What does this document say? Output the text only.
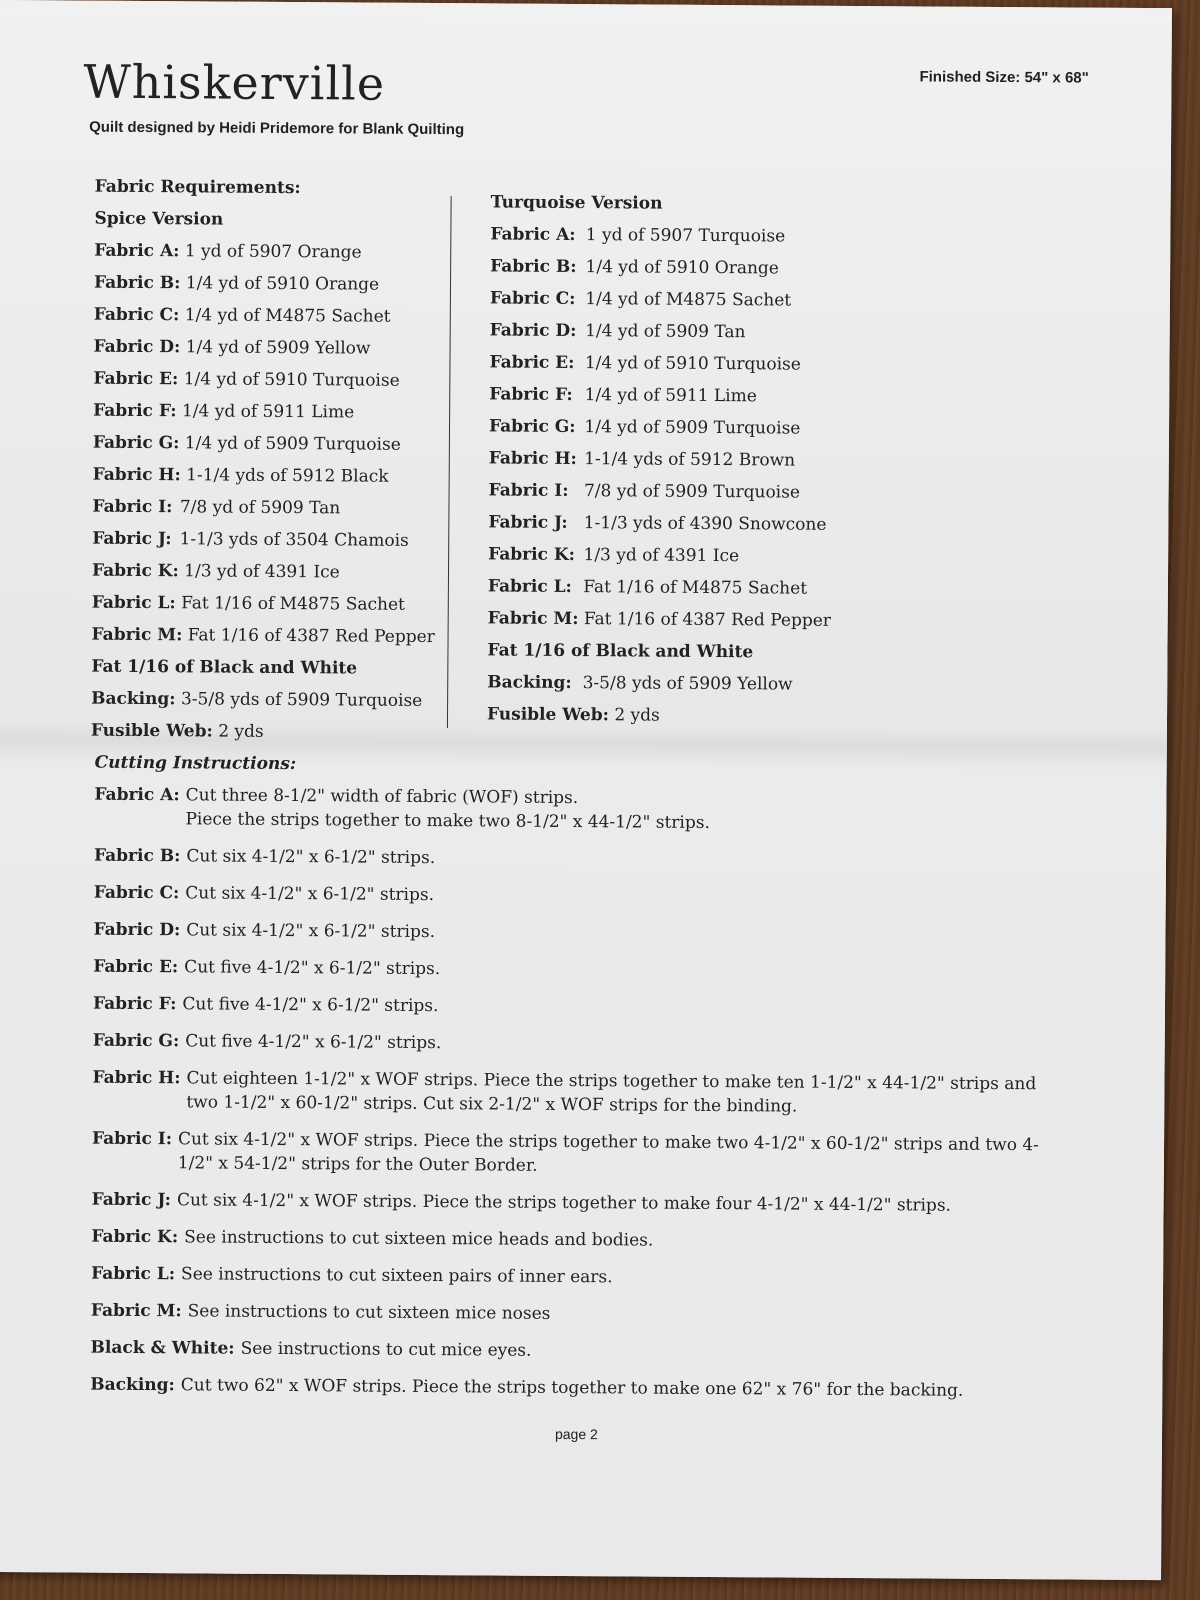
Whiskerville
Quilt designed by Heidi Pridemore for Blank Quilting
Finished Size: 54" x 68"
Fabric Requirements:
Spice Version
Fabric A: 1 yd of 5907 Orange
Fabric B: 1/4 yd of 5910 Orange
Fabric C: 1/4 yd of M4875 Sachet
Fabric D: 1/4 yd of 5909 Yellow
Fabric E: 1/4 yd of 5910 Turquoise
Fabric F: 1/4 yd of 5911 Lime
Fabric G: 1/4 yd of 5909 Turquoise
Fabric H: 1-1/4 yds of 5912 Black
Fabric I: 7/8 yd of 5909 Tan
Fabric J: 1-1/3 yds of 3504 Chamois
Fabric K: 1/3 yd of 4391 Ice
Fabric L: Fat 1/16 of M4875 Sachet
Fabric M: Fat 1/16 of 4387 Red Pepper
Fat 1/16 of Black and White
Backing: 3-5/8 yds of 5909 Turquoise
Fusible Web: 2 yds
Turquoise Version
Fabric A: 1 yd of 5907 Turquoise
Fabric B: 1/4 yd of 5910 Orange
Fabric C: 1/4 yd of M4875 Sachet
Fabric D: 1/4 yd of 5909 Tan
Fabric E: 1/4 yd of 5910 Turquoise
Fabric F: 1/4 yd of 5911 Lime
Fabric G: 1/4 yd of 5909 Turquoise
Fabric H: 1-1/4 yds of 5912 Brown
Fabric I: 7/8 yd of 5909 Turquoise
Fabric J: 1-1/3 yds of 4390 Snowcone
Fabric K: 1/3 yd of 4391 Ice
Fabric L: Fat 1/16 of M4875 Sachet
Fabric M: Fat 1/16 of 4387 Red Pepper
Fat 1/16 of Black and White
Backing: 3-5/8 yds of 5909 Yellow
Fusible Web: 2 yds
Cutting Instructions:
Fabric A: Cut three 8-1/2" width of fabric (WOF) strips.
Piece the strips together to make two 8-1/2" x 44-1/2" strips.
Fabric B: Cut six 4-1/2" x 6-1/2" strips.
Fabric C: Cut six 4-1/2" x 6-1/2" strips.
Fabric D: Cut six 4-1/2" x 6-1/2" strips.
Fabric E: Cut five 4-1/2" x 6-1/2" strips.
Fabric F: Cut five 4-1/2" x 6-1/2" strips.
Fabric G: Cut five 4-1/2" x 6-1/2" strips.
Fabric H: Cut eighteen 1-1/2" x WOF strips. Piece the strips together to make ten 1-1/2" x 44-1/2" strips and two 1-1/2" x 60-1/2" strips. Cut six 2-1/2" x WOF strips for the binding.
Fabric I: Cut six 4-1/2" x WOF strips. Piece the strips together to make two 4-1/2" x 60-1/2" strips and two 4-1/2" x 54-1/2" strips for the Outer Border.
Fabric J: Cut six 4-1/2" x WOF strips. Piece the strips together to make four 4-1/2" x 44-1/2" strips.
Fabric K: See instructions to cut sixteen mice heads and bodies.
Fabric L: See instructions to cut sixteen pairs of inner ears.
Fabric M: See instructions to cut sixteen mice noses
Black & White: See instructions to cut mice eyes.
Backing: Cut two 62" x WOF strips. Piece the strips together to make one 62" x 76" for the backing.
page 2
